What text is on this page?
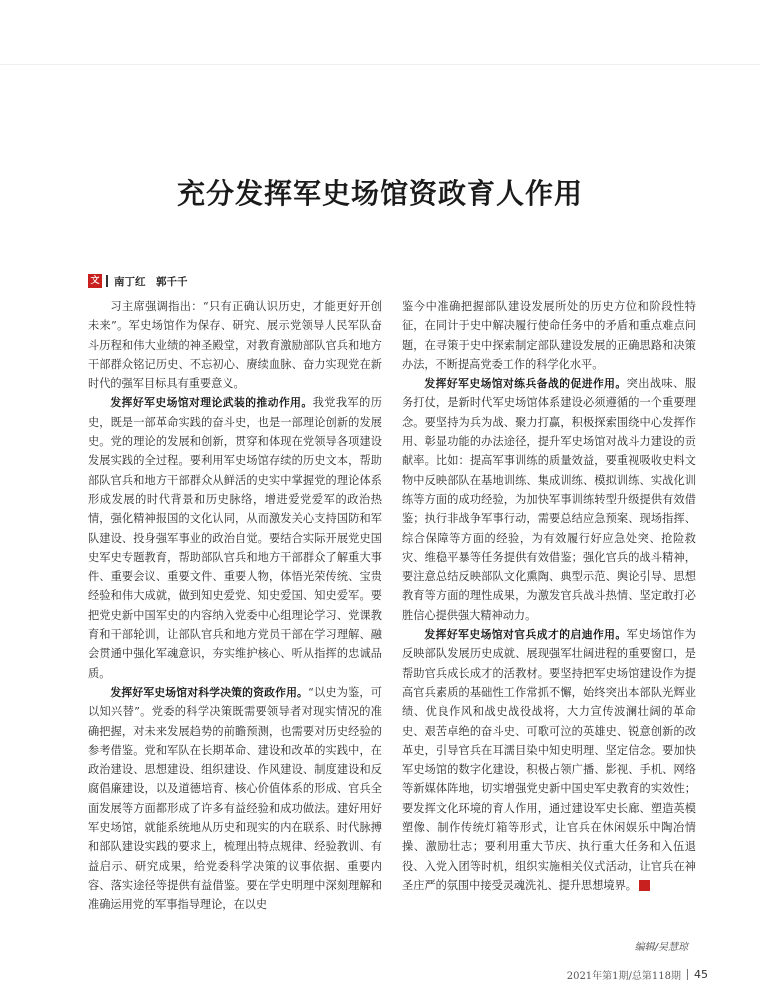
充分发挥军史场馆资政育人作用
文 南丁红　郭千千

习主席强调指出：“只有正确认识历史，才能更好开创未来”。军史场馆作为保存、研究、展示党领导人民军队奋斗历程和伟大业绩的神圣殿堂，对教育激励部队官兵和地方干部群众铭记历史、不忘初心、赓续血脉、奋力实现党在新时代的强军目标具有重要意义。

发挥好军史场馆对理论武装的推动作用。我党我军的历史，既是一部革命实践的奋斗史，也是一部理论创新的发展史。党的理论的发展和创新，贯穿和体现在党领导各项建设发展实践的全过程。要利用军史场馆存续的历史文本，帮助部队官兵和地方干部群众从鲜活的史实中掌握党的理论体系形成发展的时代背景和历史脉络，增进爱党爱军的政治热情，强化精神报国的文化认同，从而激发关心支持国防和军队建设、投身强军事业的政治自觉。要结合实际开展党史国史军史专题教育，帮助部队官兵和地方干部群众了解重大事件、重要会议、重要文件、重要人物，体悟光荣传统、宝贵经验和伟大成就，做到知史爱党、知史爱国、知史爱军。要把党史新中国军史的内容纳入党委中心组理论学习、党课教育和干部轮训，让部队官兵和地方党员干部在学习理解、融会贯通中强化军魂意识，夯实维护核心、听从指挥的忠诚品质。

发挥好军史场馆对科学决策的资政作用。“以史为鉴，可以知兴替”。党委的科学决策既需要领导者对现实情况的准确把握，对未来发展趋势的前瞻预测，也需要对历史经验的参考借鉴。党和军队在长期革命、建设和改革的实践中，在政治建设、思想建设、组织建设、作风建设、制度建设和反腐倡廉建设，以及道德培育、核心价值体系的形成、官兵全面发展等方面都形成了许多有益经验和成功做法。建好用好军史场馆，就能系统地从历史和现实的内在联系、时代脉搏和部队建设实践的要求上，梳理出特点规律、经验教训、有益启示、研究成果，给党委科学决策的议事依据、重要内容、落实途径等提供有益借鉴。要在学史明理中深刻理解和准确运用党的军事指导理论，在以史

鉴今中准确把握部队建设发展所处的历史方位和阶段性特征，在同计于史中解决履行使命任务中的矛盾和重点难点问题，在寻策于史中探索制定部队建设发展的正确思路和决策办法，不断提高党委工作的科学化水平。

发挥好军史场馆对练兵备战的促进作用。突出战味、服务打仗，是新时代军史场馆体系建设必须遵循的一个重要理念。要坚持为兵为战、聚力打赢，积极探索围绕中心发挥作用、彰显功能的办法途径，提升军史场馆对战斗力建设的贡献率。比如：提高军事训练的质量效益，要重视吸收史料文物中反映部队在基地训练、集成训练、模拟训练、实战化训练等方面的成功经验，为加快军事训练转型升级提供有效借鉴；执行非战争军事行动，需要总结应急预案、现场指挥、综合保障等方面的经验，为有效履行好应急处突、抢险救灾、维稳平暴等任务提供有效借鉴；强化官兵的战斗精神，要注意总结反映部队文化熏陶、典型示范、舆论引导、思想教育等方面的理性成果，为激发官兵战斗热情、坚定敢打必胜信心提供强大精神动力。

发挥好军史场馆对官兵成才的启迪作用。军史场馆作为反映部队发展历史成就、展现强军壮阔进程的重要窗口，是帮助官兵成长成才的活教材。要坚持把军史场馆建设作为提高官兵素质的基础性工作常抓不懈，始终突出本部队光辉业绩、优良作风和战史战役战将，大力宣传波澜壮阔的革命史、艰苦卓绝的奋斗史、可歌可泣的英雄史、锐意创新的改革史，引导官兵在耳濡目染中知史明理、坚定信念。要加快军史场馆的数字化建设，积极占领广播、影视、手机、网络等新媒体阵地，切实增强党史新中国史军史教育的实效性；要发挥文化环境的育人作用，通过建设军史长廊、塑造英模塑像、制作传统灯箱等形式，让官兵在休闲娱乐中陶冶情操、激励壮志；要利用重大节庆、执行重大任务和入伍退役、入党入团等时机，组织实施相关仪式活动，让官兵在神圣庄严的氛围中接受灵魂洗礼、提升思想境界。	G

编辑/吴慧琼
2021年第1期/总第118期 45
